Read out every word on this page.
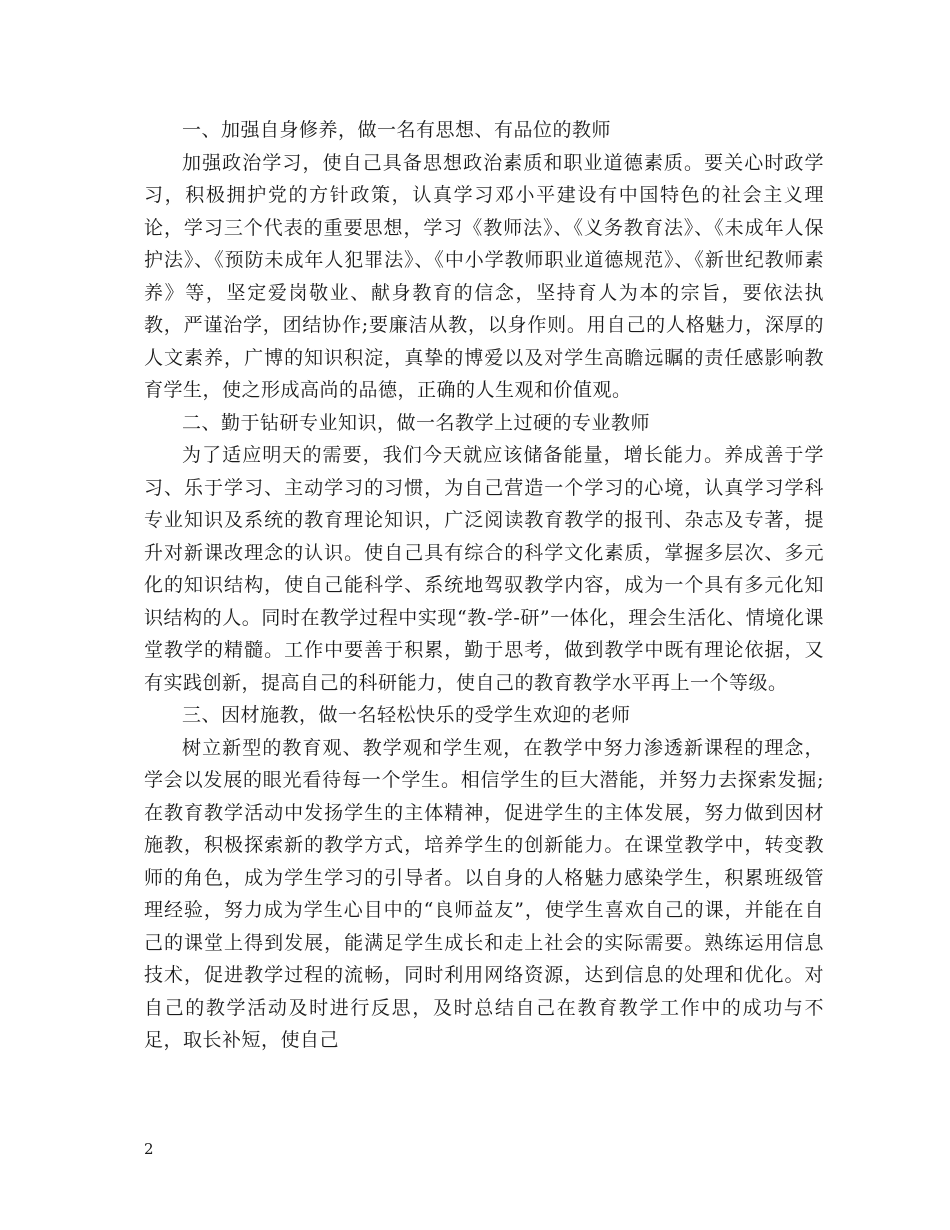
一、加强自身修养，做一名有思想、有品位的教师

加强政治学习，使自己具备思想政治素质和职业道德素质。要关心时政学习，积极拥护党的方针政策，认真学习邓小平建设有中国特色的社会主义理论，学习三个代表的重要思想，学习《教师法》、《义务教育法》、《未成年人保护法》、《预防未成年人犯罪法》、《中小学教师职业道德规范》、《新世纪教师素养》等，坚定爱岗敬业、献身教育的信念，坚持育人为本的宗旨，要依法执教，严谨治学，团结协作;要廉洁从教，以身作则。用自己的人格魅力，深厚的人文素养，广博的知识积淀，真挚的博爱以及对学生高瞻远瞩的责任感影响教育学生，使之形成高尚的品德，正确的人生观和价值观。

二、勤于钻研专业知识，做一名教学上过硬的专业教师

为了适应明天的需要，我们今天就应该储备能量，增长能力。养成善于学习、乐于学习、主动学习的习惯，为自己营造一个学习的心境，认真学习学科专业知识及系统的教育理论知识，广泛阅读教育教学的报刊、杂志及专著，提升对新课改理念的认识。使自己具有综合的科学文化素质，掌握多层次、多元化的知识结构，使自己能科学、系统地驾驭教学内容，成为一个具有多元化知识结构的人。同时在教学过程中实现“教-学-研”一体化，理会生活化、情境化课堂教学的精髓。工作中要善于积累，勤于思考，做到教学中既有理论依据，又有实践创新，提高自己的科研能力，使自己的教育教学水平再上一个等级。

三、因材施教，做一名轻松快乐的受学生欢迎的老师

树立新型的教育观、教学观和学生观，在教学中努力渗透新课程的理念，学会以发展的眼光看待每一个学生。相信学生的巨大潜能，并努力去探索发掘;在教育教学活动中发扬学生的主体精神，促进学生的主体发展，努力做到因材施教，积极探索新的教学方式，培养学生的创新能力。在课堂教学中，转变教师的角色，成为学生学习的引导者。以自身的人格魅力感染学生，积累班级管理经验，努力成为学生心目中的“良师益友”，使学生喜欢自己的课，并能在自己的课堂上得到发展，能满足学生成长和走上社会的实际需要。熟练运用信息技术，促进教学过程的流畅，同时利用网络资源，达到信息的处理和优化。对自己的教学活动及时进行反思，及时总结自己在教育教学工作中的成功与不足，取长补短，使自己

2
